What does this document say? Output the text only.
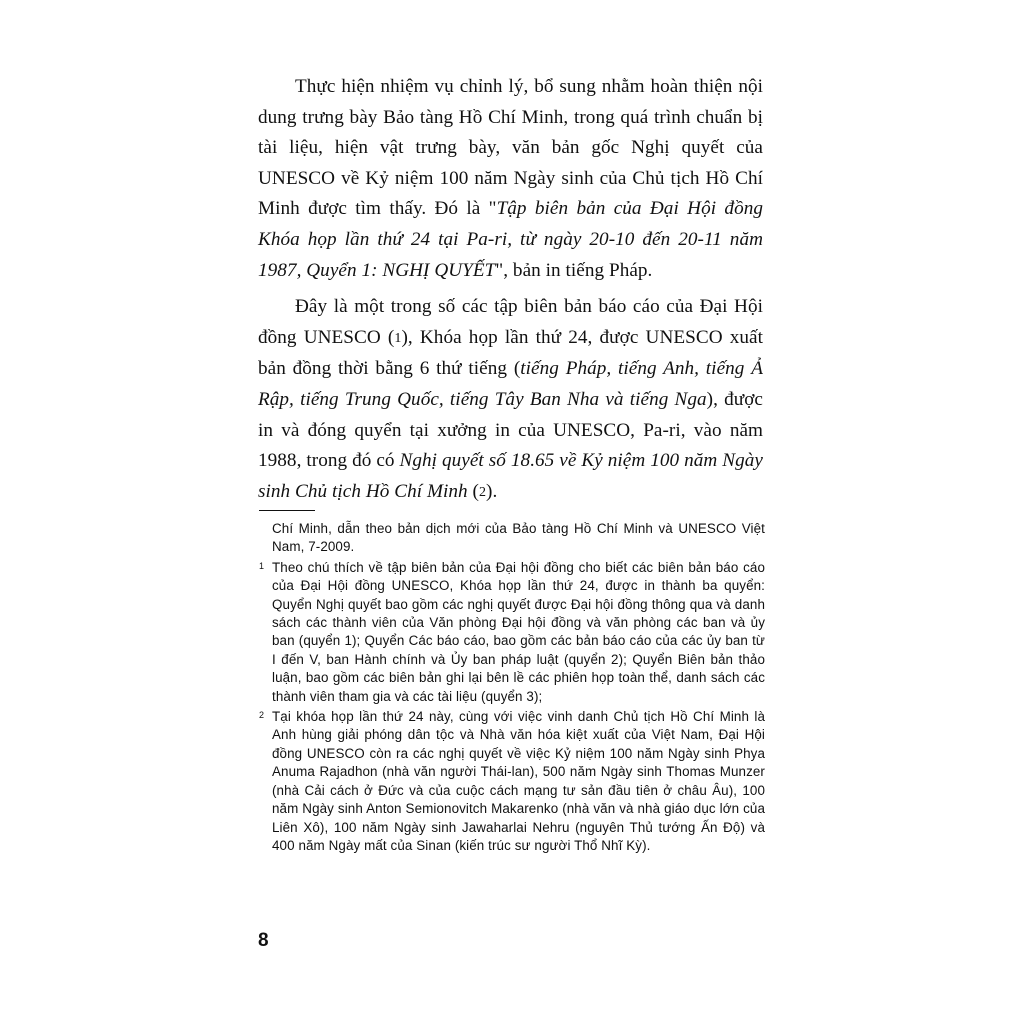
Thực hiện nhiệm vụ chỉnh lý, bổ sung nhằm hoàn thiện nội dung trưng bày Bảo tàng Hồ Chí Minh, trong quá trình chuẩn bị tài liệu, hiện vật trưng bày, văn bản gốc Nghị quyết của UNESCO về Kỷ niệm 100 năm Ngày sinh của Chủ tịch Hồ Chí Minh được tìm thấy. Đó là "Tập biên bản của Đại Hội đồng Khóa họp lần thứ 24 tại Pa-ri, từ ngày 20-10 đến 20-11 năm 1987, Quyển 1: NGHỊ QUYẾT", bản in tiếng Pháp.

Đây là một trong số các tập biên bản báo cáo của Đại Hội đồng UNESCO (1), Khóa họp lần thứ 24, được UNESCO xuất bản đồng thời bằng 6 thứ tiếng (tiếng Pháp, tiếng Anh, tiếng Ả Rập, tiếng Trung Quốc, tiếng Tây Ban Nha và tiếng Nga), được in và đóng quyển tại xưởng in của UNESCO, Pa-ri, vào năm 1988, trong đó có Nghị quyết số 18.65 về Kỷ niệm 100 năm Ngày sinh Chủ tịch Hồ Chí Minh (2).

Chí Minh, dẫn theo bản dịch mới của Bảo tàng Hồ Chí Minh và UNESCO Việt Nam, 7-2009.
1 Theo chú thích về tập biên bản của Đại hội đồng cho biết các biên bản báo cáo của Đại Hội đồng UNESCO, Khóa họp lần thứ 24, được in thành ba quyển: Quyển Nghị quyết bao gồm các nghị quyết được Đại hội đồng thông qua và danh sách các thành viên của Văn phòng Đại hội đồng và văn phòng các ban và ủy ban (quyển 1); Quyển Các báo cáo, bao gồm các bản báo cáo của các ủy ban từ I đến V, ban Hành chính và Ủy ban pháp luật (quyển 2); Quyển Biên bản thảo luận, bao gồm các biên bản ghi lại bên lề các phiên họp toàn thể, danh sách các thành viên tham gia và các tài liệu (quyển 3);
2 Tại khóa họp lần thứ 24 này, cùng với việc vinh danh Chủ tịch Hồ Chí Minh là Anh hùng giải phóng dân tộc và Nhà văn hóa kiệt xuất của Việt Nam, Đại Hội đồng UNESCO còn ra các nghị quyết về việc Kỷ niệm 100 năm Ngày sinh Phya Anuma Rajadhon (nhà văn người Thái-lan), 500 năm Ngày sinh Thomas Munzer (nhà Cải cách ở Đức và của cuộc cách mạng tư sản đầu tiên ở châu Âu), 100 năm Ngày sinh Anton Semionovitch Makarenko (nhà văn và nhà giáo dục lớn của Liên Xô), 100 năm Ngày sinh Jawaharlai Nehru (nguyên Thủ tướng Ấn Độ) và 400 năm Ngày mất của Sinan (kiến trúc sư người Thổ Nhĩ Kỳ).
8
